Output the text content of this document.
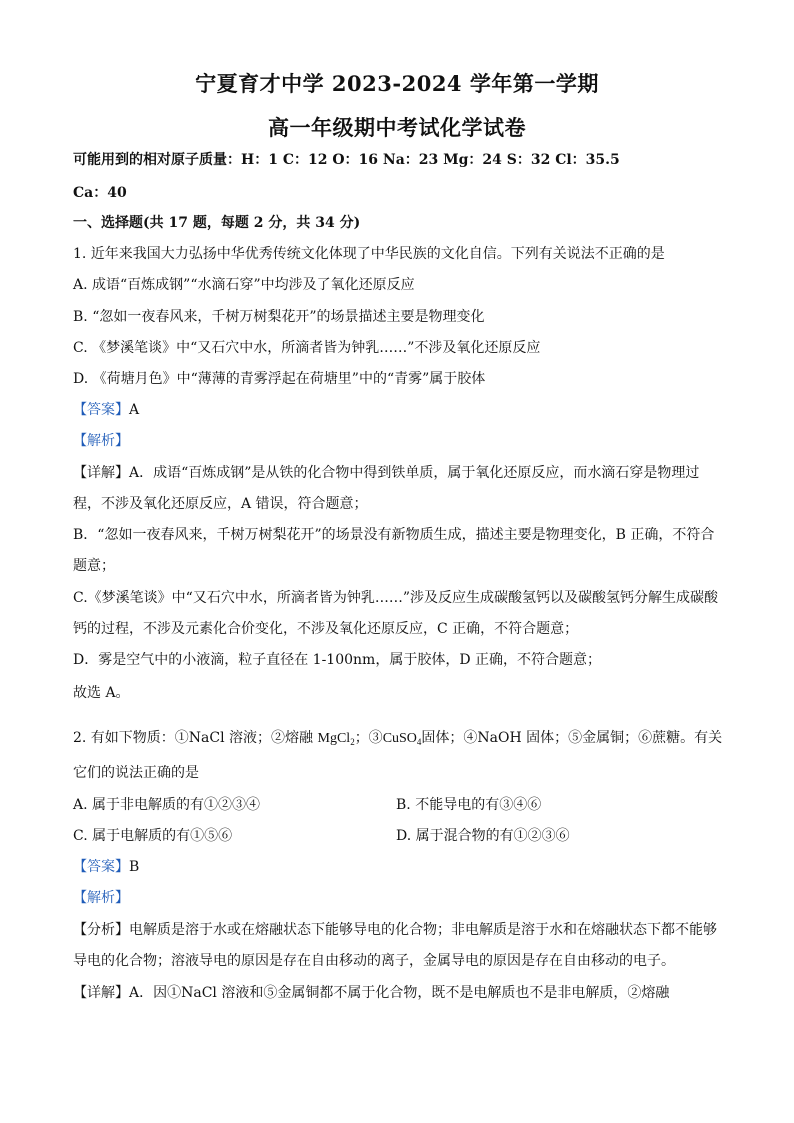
宁夏育才中学 2023-2024 学年第一学期
高一年级期中考试化学试卷
可能用到的相对原子质量：H：1 C：12 O：16 Na：23 Mg：24 S：32 Cl：35.5
Ca：40
一、选择题(共 17 题，每题 2 分，共 34 分)
1. 近年来我国大力弘扬中华优秀传统文化体现了中华民族的文化自信。下列有关说法不正确的是
A. 成语“百炼成钢”“水滴石穿”中均涉及了氧化还原反应
B. “忽如一夜春风来，千树万树梨花开”的场景描述主要是物理变化
C. 《梦溪笔谈》中“又石穴中水，所滴者皆为钟乳……”不涉及氧化还原反应
D. 《荷塘月色》中“薄薄的青雾浮起在荷塘里”中的“青雾”属于胶体
【答案】A
【解析】
【详解】A．成语“百炼成钢”是从铁的化合物中得到铁单质，属于氧化还原反应，而水滴石穿是物理过
程，不涉及氧化还原反应，A 错误，符合题意；
B．“忽如一夜春风来，千树万树梨花开”的场景没有新物质生成，描述主要是物理变化，B 正确，不符合
题意；
C.《梦溪笔谈》中“又石穴中水，所滴者皆为钟乳……”涉及反应生成碳酸氢钙以及碳酸氢钙分解生成碳酸
钙的过程，不涉及元素化合价变化，不涉及氧化还原反应，C 正确，不符合题意；
D．雾是空气中的小液滴，粒子直径在 1-100nm，属于胶体，D 正确，不符合题意；
故选 A。
2. 有如下物质：①NaCl 溶液；②熔融 MgCl$_2$；③CuSO$_4$固体；④NaOH 固体；⑤金属铜；⑥蔗糖。有关
它们的说法正确的是
A. 属于非电解质的有①②③④	B. 不能导电的有③④⑥
C. 属于电解质的有①⑤⑥	D. 属于混合物的有①②③⑥
【答案】B
【解析】
【分析】电解质是溶于水或在熔融状态下能够导电的化合物；非电解质是溶于水和在熔融状态下都不能够
导电的化合物；溶液导电的原因是存在自由移动的离子，金属导电的原因是存在自由移动的电子。
【详解】A．因①NaCl 溶液和⑤金属铜都不属于化合物，既不是电解质也不是非电解质，②熔融
